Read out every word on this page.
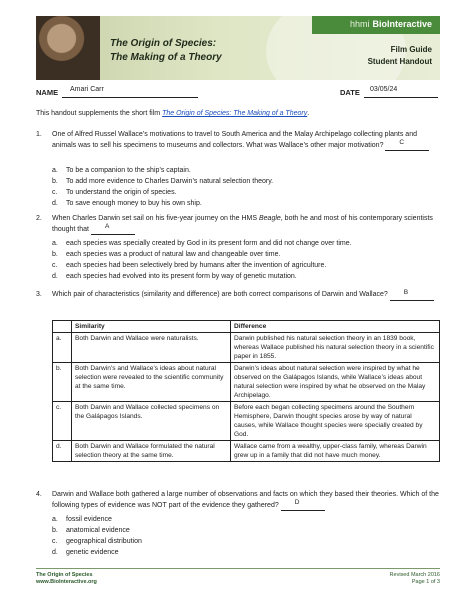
The Origin of Species:
The Making of a Theory
hhmi BioInteractive
Film Guide
Student Handout
NAME Amari Carr	DATE 03/05/24
This handout supplements the short film The Origin of Species: The Making of a Theory.
1. One of Alfred Russel Wallace’s motivations to travel to South America and the Malay Archipelago collecting plants and animals was to sell his specimens to museums and collectors. What was Wallace’s other major motivation? C
a. To be a companion to the ship’s captain.
b. To add more evidence to Charles Darwin’s natural selection theory.
c. To understand the origin of species.
d. To save enough money to buy his own ship.
2. When Charles Darwin set sail on his five-year journey on the HMS Beagle, both he and most of his contemporary scientists thought that A
a. each species was specially created by God in its present form and did not change over time.
b. each species was a product of natural law and changeable over time.
c. each species had been selectively bred by humans after the invention of agriculture.
d. each species had evolved into its present form by way of genetic mutation.
3. Which pair of characteristics (similarity and difference) are both correct comparisons of Darwin and Wallace? B
	Similarity	Difference
a.	Both Darwin and Wallace were naturalists.	Darwin published his natural selection theory in an 1839 book, whereas Wallace published his natural selection theory in a scientific paper in 1855.
b.	Both Darwin’s and Wallace’s ideas about natural selection were revealed to the scientific community at the same time.	Darwin’s ideas about natural selection were inspired by what he observed on the Galápagos Islands, while Wallace’s ideas about natural selection were inspired by what he observed on the Malay Archipelago.
c.	Both Darwin and Wallace collected specimens on the Galápagos Islands.	Before each began collecting specimens around the Southern Hemisphere, Darwin thought species arose by way of natural causes, while Wallace thought species were specially created by God.
d.	Both Darwin and Wallace formulated the natural selection theory at the same time.	Wallace came from a wealthy, upper-class family, whereas Darwin grew up in a family that did not have much money.
4. Darwin and Wallace both gathered a large number of observations and facts on which they based their theories. Which of the following types of evidence was NOT part of the evidence they gathered? D
a. fossil evidence
b. anatomical evidence
c. geographical distribution
d. genetic evidence
The Origin of Species
www.BioInteractive.org
Revised March 2016
Page 1 of 3
